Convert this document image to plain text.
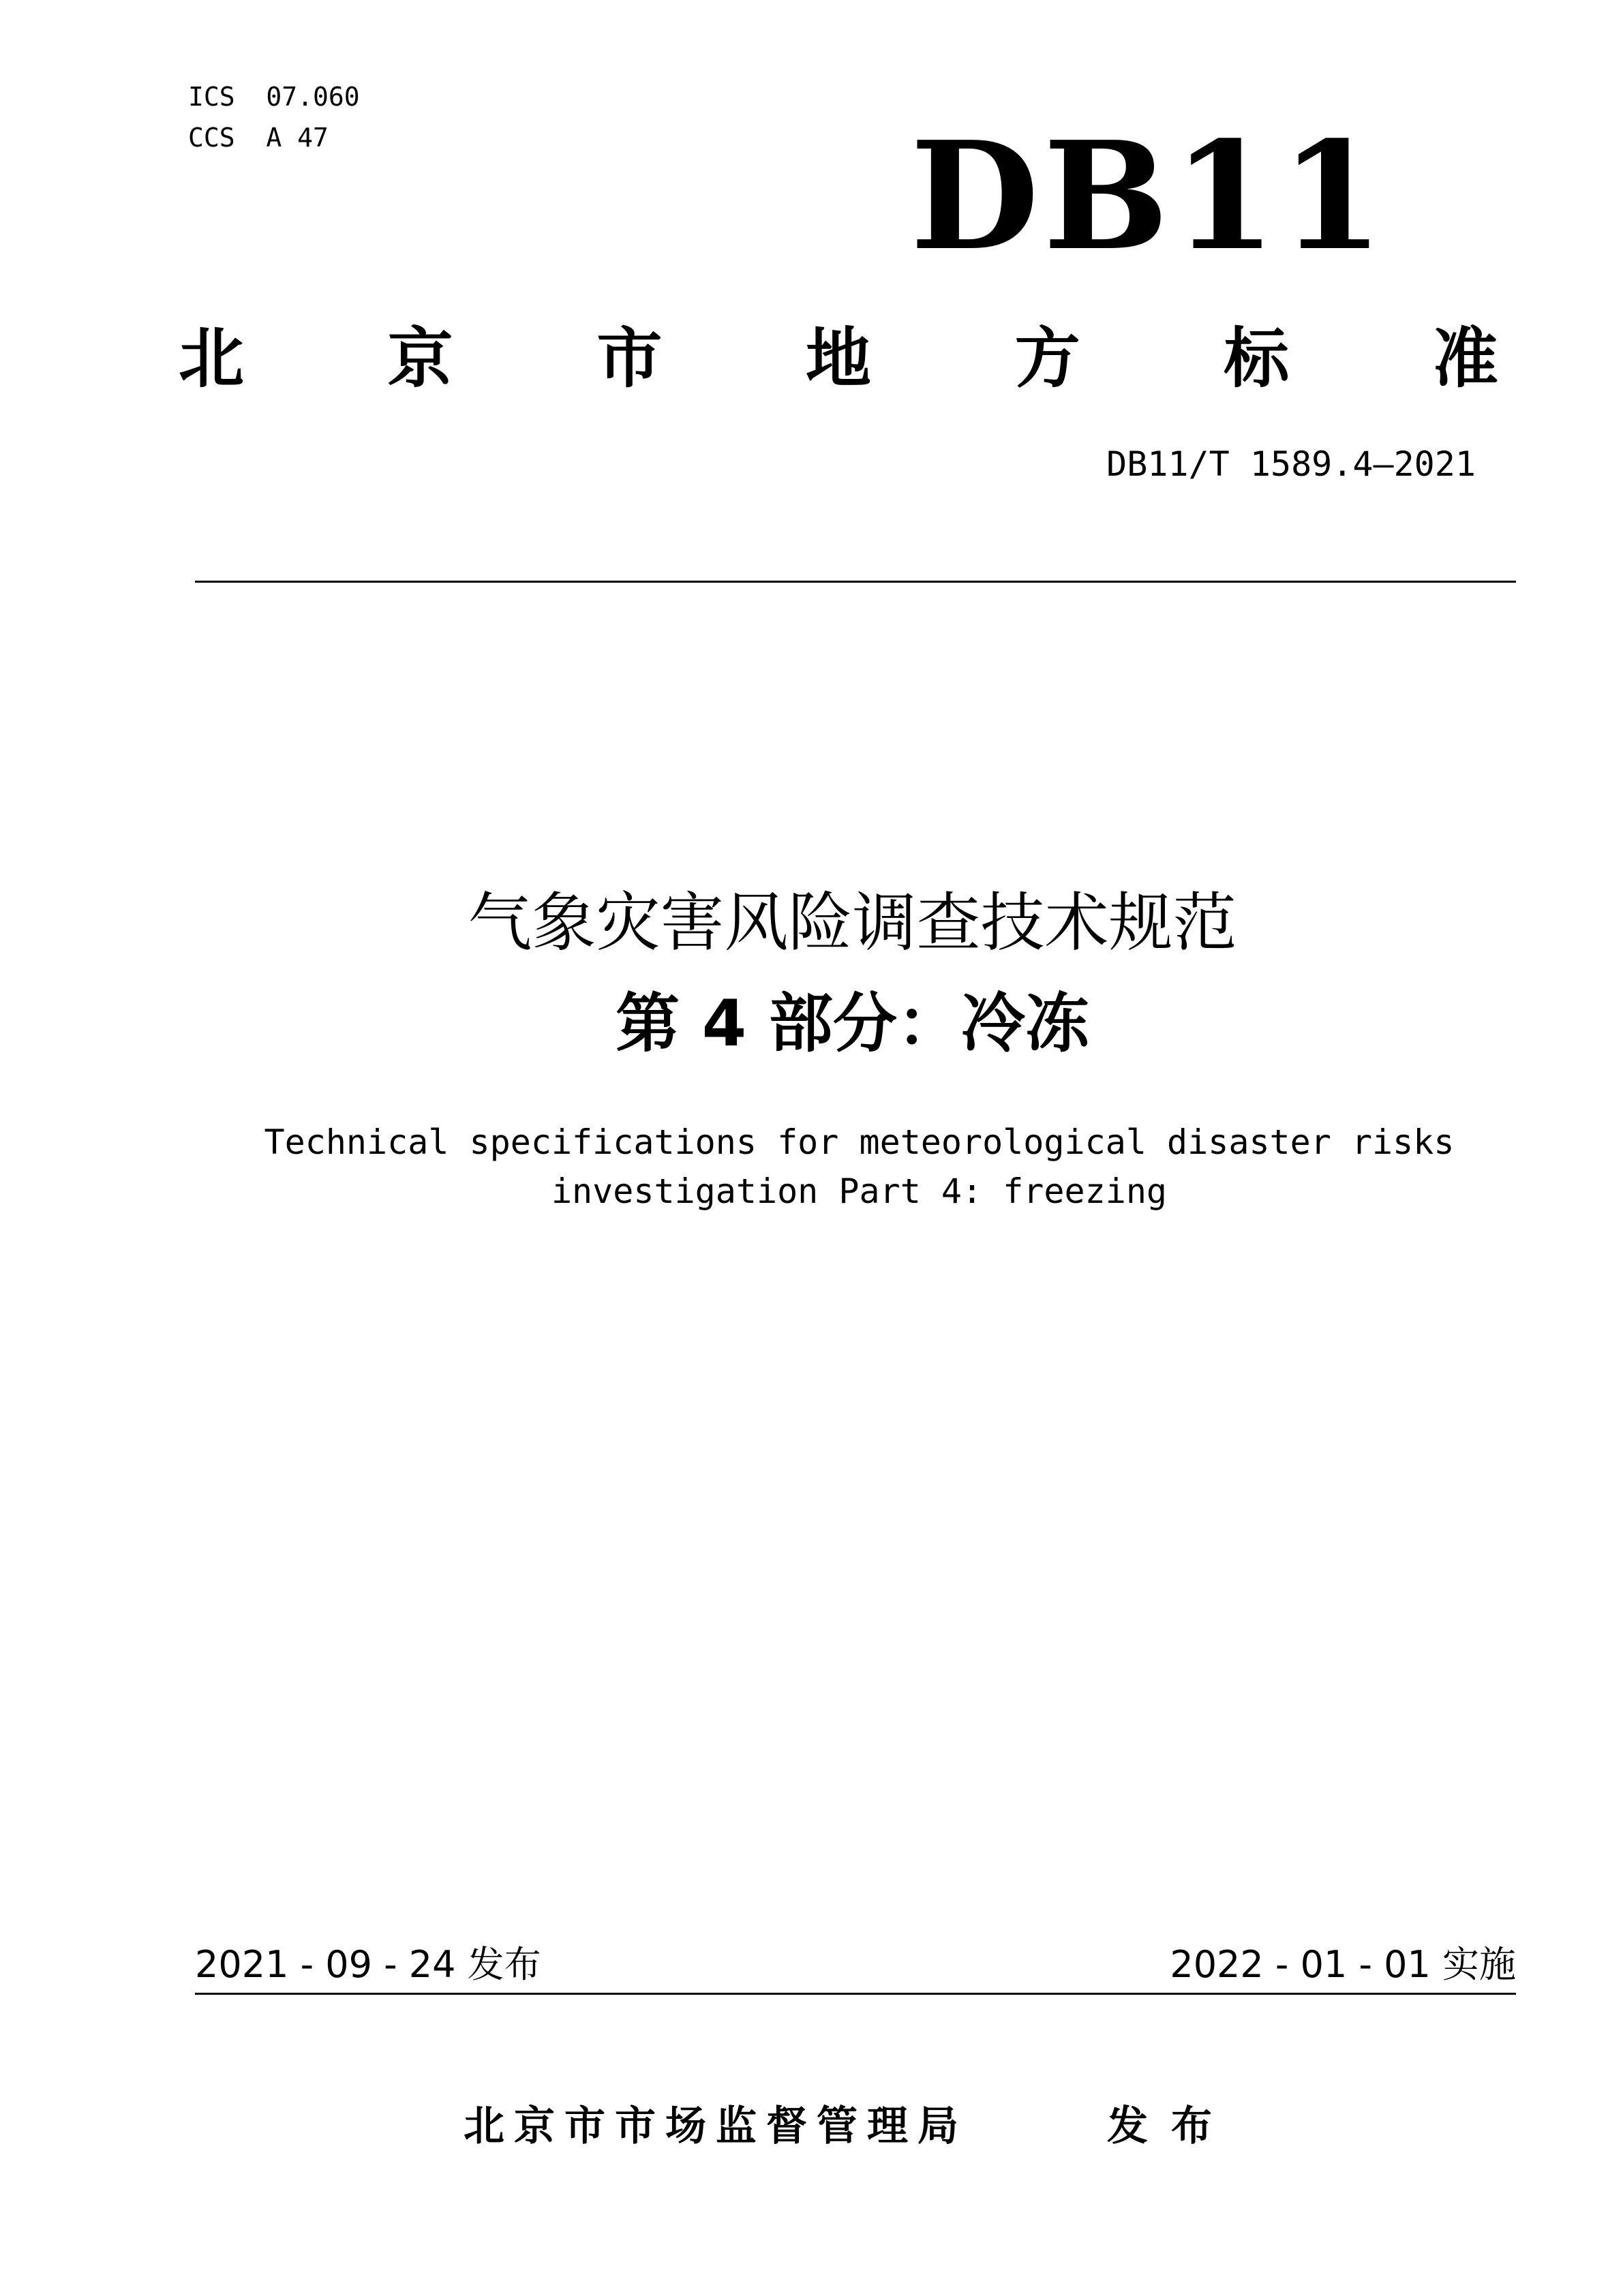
ICS  07.060
CCS  A 47	DB11
北 京 市 地 方 标 准
DB11/T 1589.4—2021
气象灾害风险调查技术规范
第 4 部分：冷冻
Technical specifications for meteorological disaster risks
investigation Part 4: freezing
2021 - 09 - 24 发布	2022 - 01 - 01 实施
北京市市场监督管理局	发布
